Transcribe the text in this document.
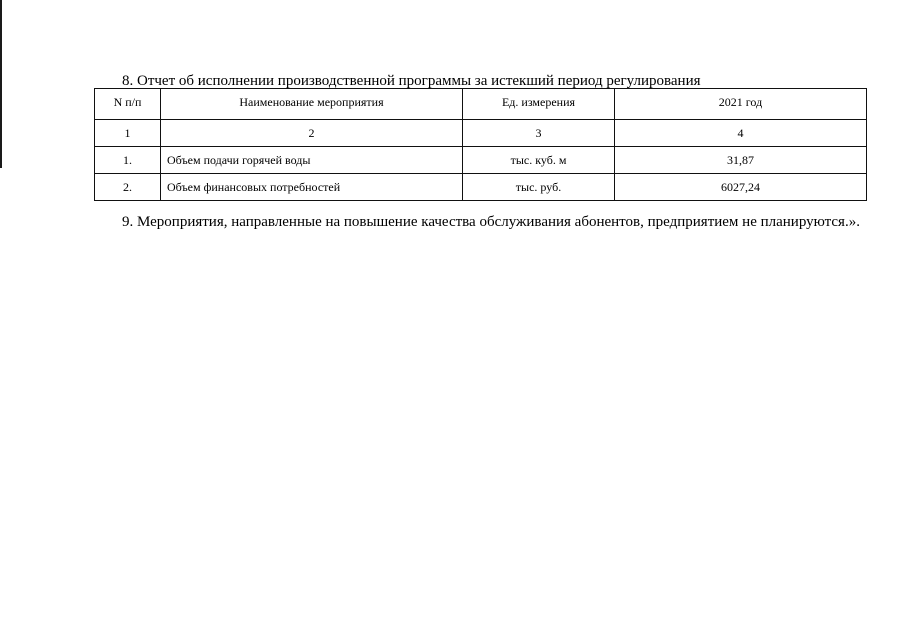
8. Отчет об исполнении производственной программы за истекший период регулирования
N п/п	Наименование мероприятия	Ед. измерения	2021 год
1	2	3	4
1.	Объем подачи горячей воды	тыс. куб. м	31,87
2.	Объем финансовых потребностей	тыс. руб.	6027,24
9. Мероприятия, направленные на повышение качества обслуживания абонентов, предприятием не планируются.».
